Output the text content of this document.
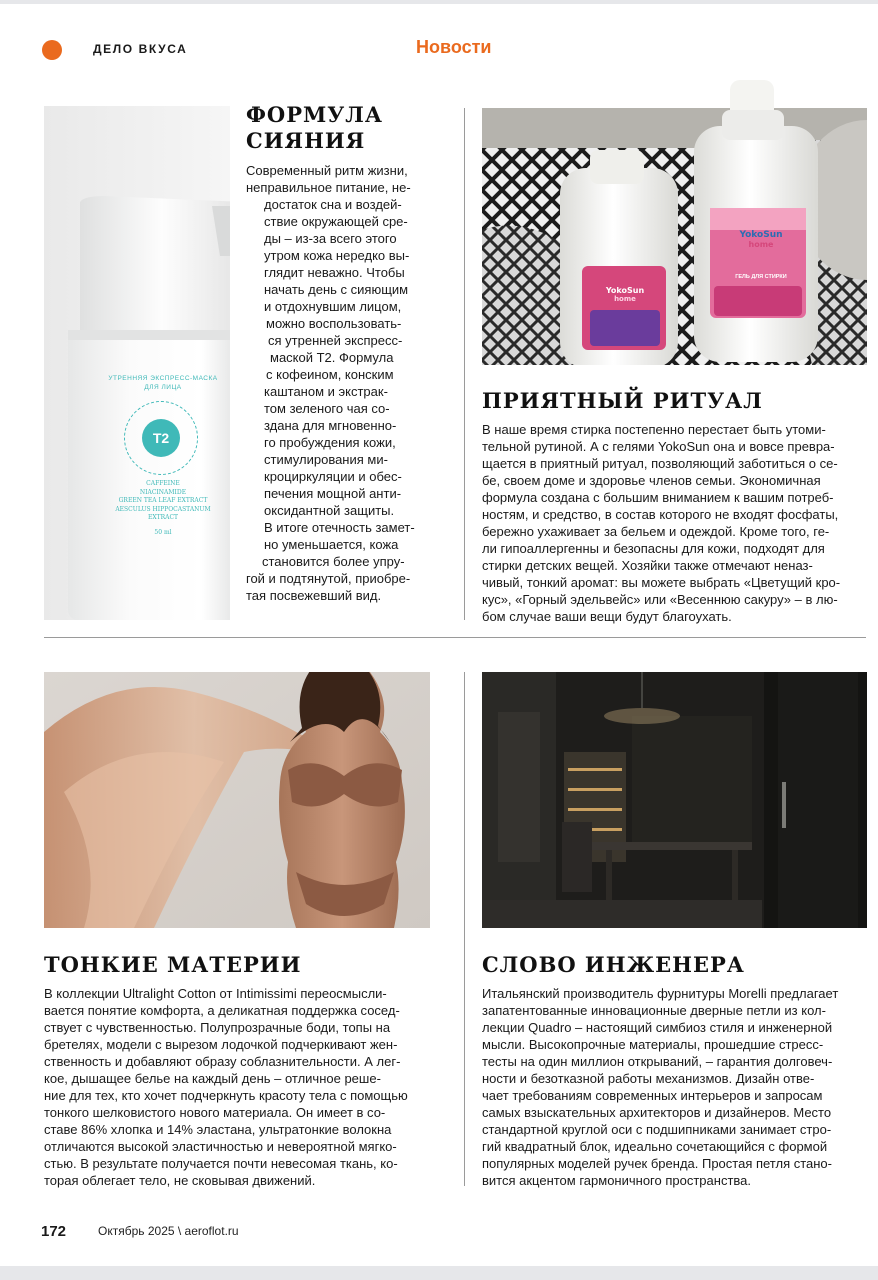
ДЕЛО ВКУСА	Новости
УТРЕННЯЯ ЭКСПРЕСС-МАСКА
ДЛЯ ЛИЦА
T2
CAFFEINE
NIACINAMIDE
GREEN TEA LEAF EXTRACT
AESCULUS HIPPOCASTANUM
EXTRACT
50 ml
ФОРМУЛА
СИЯНИЯ
Современный ритм жизни,
неправильное питание, не-
достаток сна и воздей-
ствие окружающей сре-
ды – из-за всего этого
утром кожа нередко вы-
глядит неважно. Чтобы
начать день с сияющим
и отдохнувшим лицом,
можно воспользовать-
ся утренней экспресс-
маской T2. Формула
с кофеином, конским
каштаном и экстрак-
том зеленого чая со-
здана для мгновенно-
го пробуждения кожи,
стимулирования ми-
кроциркуляции и обес-
печения мощной анти-
оксидантной защиты.
В итоге отечность замет-
но уменьшается, кожа
становится более упру-
гой и подтянутой, приобре-
тая посвежевший вид.
YokoSun
home
ГЕЛЬ ДЛЯ СТИРКИ
YokoSun
home
ПРИЯТНЫЙ РИТУАЛ
В наше время стирка постепенно перестает быть утоми-
тельной рутиной. А с гелями YokoSun она и вовсе превра-
щается в приятный ритуал, позволяющий заботиться о се-
бе, своем доме и здоровье членов семьи. Экономичная
формула создана с большим вниманием к вашим потреб-
ностям, и средство, в состав которого не входят фосфаты,
бережно ухаживает за бельем и одеждой. Кроме того, ге-
ли гипоаллергенны и безопасны для кожи, подходят для
стирки детских вещей. Хозяйки также отмечают неназ-
чивый, тонкий аромат: вы можете выбрать «Цветущий кро-
кус», «Горный эдельвейс» или «Весеннюю сакуру» – в лю-
бом случае ваши вещи будут благоухать.
ТОНКИЕ МАТЕРИИ
В коллекции Ultralight Cotton от Intimissimi переосмысли-
вается понятие комфорта, а деликатная поддержка сосед-
ствует с чувственностью. Полупрозрачные боди, топы на
бретелях, модели с вырезом лодочкой подчеркивают жен-
ственность и добавляют образу соблазнительности. А лег-
кое, дышащее белье на каждый день – отличное реше-
ние для тех, кто хочет подчеркнуть красоту тела с помощью
тонкого шелковистого нового материала. Он имеет в со-
ставе 86% хлопка и 14% эластана, ультратонкие волокна
отличаются высокой эластичностью и невероятной мягко-
стью. В результате получается почти невесомая ткань, ко-
торая облегает тело, не сковывая движений.
СЛОВО ИНЖЕНЕРА
Итальянский производитель фурнитуры Morelli предлагает
запатентованные инновационные дверные петли из кол-
лекции Quadro – настоящий симбиоз стиля и инженерной
мысли. Высокопрочные материалы, прошедшие стресс-
тесты на один миллион открываний, – гарантия долговеч-
ности и безотказной работы механизмов. Дизайн отве-
чает требованиям современных интерьеров и запросам
самых взыскательных архитекторов и дизайнеров. Место
стандартной круглой оси с подшипниками занимает стро-
гий квадратный блок, идеально сочетающийся с формой
популярных моделей ручек бренда. Простая петля стано-
вится акцентом гармоничного пространства.
172	Октябрь 2025 \ aeroflot.ru
